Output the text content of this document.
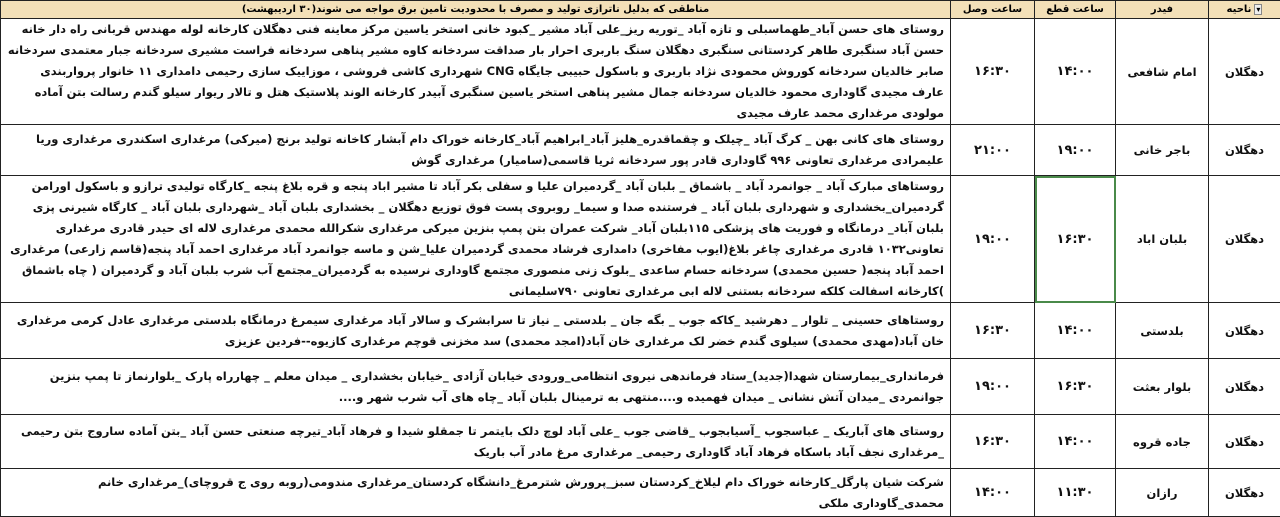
▾ناحیه	فیدر	ساعت قطع	ساعت وصل	مناطقی که بدلیل ناترازی تولید و مصرف با محدودیت تامین برق مواجه می شوند(۳۰ اردیبهشت)
دهگلان	امام شافعی	۱۴:۰۰	۱۶:۳۰	روستای های حسن آباد_طهماسبلی و تازه آباد _توریه ریز_علی آباد مشیر _کبود خانی استخر یاسین مرکز معاینه فنی دهگلان کارخانه لوله مهندس قربانی راه دار خانه حسن آباد سنگبری طاهر کردستانی سنگبری دهگلان سنگ باربری احرار بار صداقت سردخانه کاوه مشیر پناهی سردخانه فراست مشیری سردخانه جبار معتمدی سردخانه صابر خالدیان سردخانه کوروش محمودی نژاد باربری و باسکول حبیبی جایگاه CNG شهرداری کاشی فروشی ، موزاییک سازی رحیمی دامداری ۱۱ خانوار پرواربندی عارف مجیدی گاوداری محمود خالدیان سردخانه جمال مشیر پناهی استخر یاسین سنگبری آبیدر کارخانه الوند پلاستیک هتل و تالار ریوار سیلو گندم رسالت بتن آماده مولودی مرغداری محمد عارف مجیدی
دهگلان	باجر خانی	۱۹:۰۰	۲۱:۰۰	روستای های کانی بهن _ کرگ آباد _چیلک و چقماقدره_هلیز آباد_ابراهیم آباد_کارخانه خوراک دام آبشار کاخانه تولید برنج (میرکی) مرغداری اسکندری مرغداری وریا علیمرادی مرغداری تعاونی ۹۹۶ گاوداری قادر پور سردخانه ثریا قاسمی(سامیار) مرغداری گوش
دهگلان	بلبان اباد	۱۶:۳۰	۱۹:۰۰	روستاهای مبارک آباد _ جوانمرد آباد _ باشماق _ بلبان آباد _گردمیران علیا و سفلی بکر آباد تا مشیر اباد پنجه و قره بلاغ پنجه _کارگاه تولیدی ترازو و باسکول اورامن گردمیران_بخشداری و شهرداری بلبان آباد _ فرستنده صدا و سیما_ روبروی پست فوق توزیع دهگلان _ بخشداری بلبان آباد _شهرداری بلبان آباد _ کارگاه شیرنی پزی بلبان آباد_ درمانگاه و فوریت های پزشکی ۱۱۵بلبان آباد_ شرکت عمران بتن پمپ بنزین میرکی مرغداری شکرالله محمدی مرغداری لاله ای حیدر قادری مرغداری تعاونی۱۰۳۲ قادری مرغداری چاغر بلاغ(ایوب مفاخری) دامداری فرشاد محمدی گردمیران علیا_شن و ماسه جوانمرد آباد مرغداری احمد آباد پنجه(قاسم زارعی) مرغداری احمد آباد پنجه( حسین محمدی) سردخانه حسام ساعدی _بلوک زنی منصوری مجتمع گاوداری نرسیده به گردمیران_مجتمع آب شرب بلبان آباد و گردمیران ( چاه باشماق )کارخانه اسفالت کلکه سردخانه بستنی لاله ابی مرغداری تعاونی ۷۹۰سلیمانی
دهگلان	بلدستی	۱۴:۰۰	۱۶:۳۰	روستاهای حسینی _ تلوار _ دهرشید _کاکه جوب _ بگه جان _ بلدستی _ نیاز تا سرابشرک و سالار آباد مرغداری سیمرغ درمانگاه بلدستی مرغداری عادل کرمی مرغداری خان آباد(مهدی محمدی) سیلوی گندم خضر لک مرغداری خان آباد(امجد محمدی) سد مخزنی قوچم مرغداری کازیوه--فردین عزیزی
دهگلان	بلوار بعثت	۱۶:۳۰	۱۹:۰۰	فرمانداری_بیمارستان شهدا(جدید)_ستاد فرماندهی نیروی انتظامی_ورودی خیابان آزادی _خیابان بخشداری _ میدان معلم _ چهارراه پارک _بلوارنماز تا پمپ بنزین جوانمردی _میدان آتش نشانی _ میدان فهمیده و....منتهی به ترمینال بلبان آباد _چاه های آب شرب شهر و....
دهگلان	جاده قروه	۱۴:۰۰	۱۶:۳۰	روستای های آباریک _ عباسجوب _آسیابجوب _قاضی جوب _علی آباد لوچ دلک بایتمر تا جمقلو شیدا و فرهاد آباد_تیرچه صنعتی حسن آباد _بتن آماده ساروج بتن رحیمی _مرغداری نجف آباد باسکاه فرهاد آباد گاوداری رحیمی_ مرغداری مرغ مادر آب باریک
دهگلان	رازان	۱۱:۳۰	۱۴:۰۰	شرکت شیان پارگل_کارخانه خوراک دام لیلاخ_کردستان سبز_پرورش شترمرغ_دانشگاه کردستان_مرغداری مندومی(روبه روی ج قروچای)_مرغداری خانم محمدی_گاوداری ملکی
